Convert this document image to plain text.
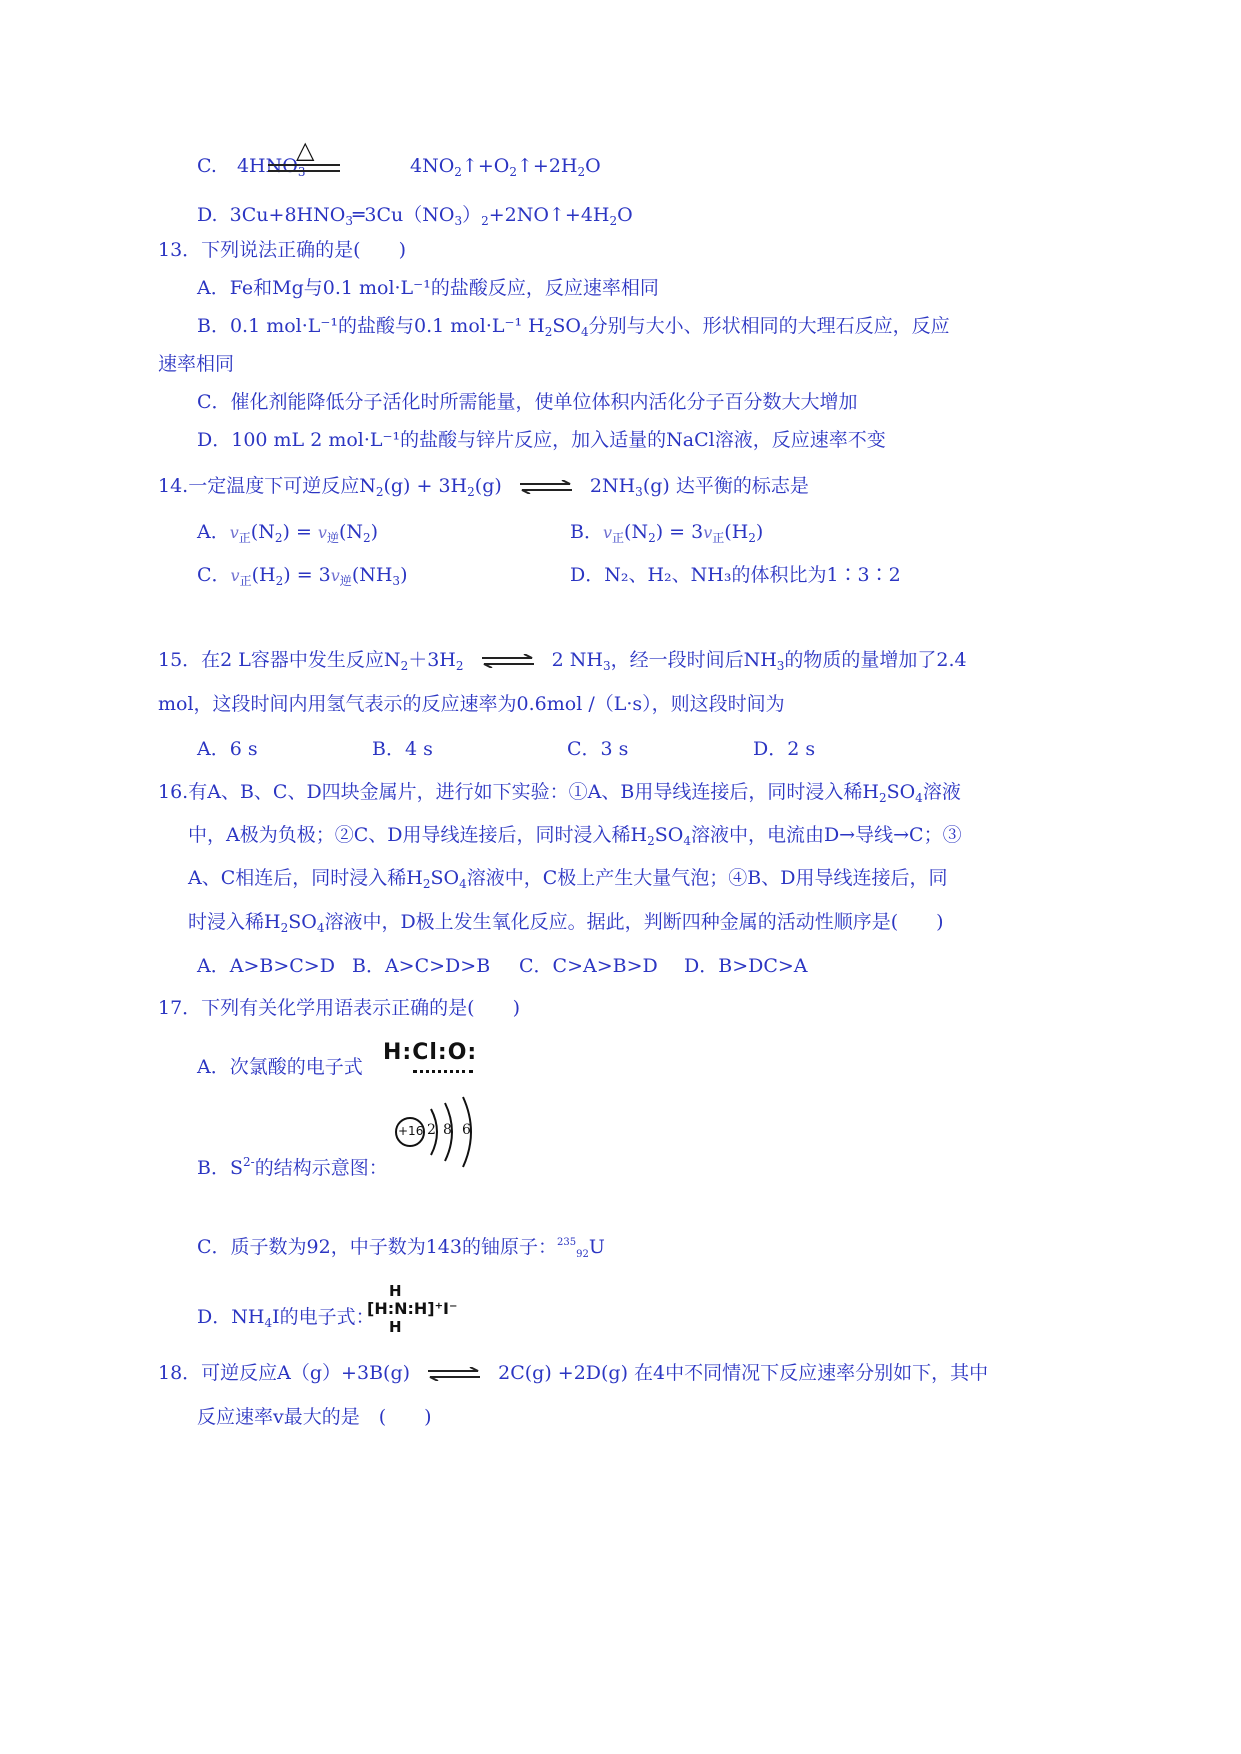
C. $4HNO_3$
△
$4NO_2↑+O_2↑+2H_2O$
D. $3Cu+8HNO_3═3Cu(NO_3)_2+2NO↑+4H_2O$
13．下列说法正确的是(　　)
A．Fe和Mg与0.1 mol·L⁻¹的盐酸反应，反应速率相同
B．0.1 mol·L⁻¹的盐酸与0.1 mol·L⁻¹ $H_2SO_4$分别与大小、形状相同的大理石反应，反应
速率相同
C．催化剂能降低分子活化时所需能量，使单位体积内活化分子百分数大大增加
D．100 mL 2 mol·L⁻¹的盐酸与锌片反应，加入适量的NaCl溶液，反应速率不变
14.一定温度下可逆反应$N_2(g) + 3H_2(g)$ ⇌ $2NH_3(g)$ 达平衡的标志是
A．$v_正(N_2) = v_逆(N_2)$	B．$v_正(N_2) = 3v_正(H_2)$
C．$v_正(H_2) = 3v_逆(NH_3)$	D．N₂、H₂、NH₃的体积比为1∶3∶2
15．在2 L容器中发生反应$N_2+3H_2$ ⇌ 2 $NH_3$，经一段时间后$NH_3$的物质的量增加了2.4
mol，这段时间内用氢气表示的反应速率为0.6mol /（L·s），则这段时间为
A．6 s	B．4 s	C．3 s	D．2 s
16.有A、B、C、D四块金属片，进行如下实验：①A、B用导线连接后，同时浸入稀$H_2SO_4$溶液
中，A极为负极；②C、D用导线连接后，同时浸入稀$H_2SO_4$溶液中，电流由D→导线→C；③
A、C相连后，同时浸入稀$H_2SO_4$溶液中，C极上产生大量气泡；④B、D用导线连接后，同
时浸入稀$H_2SO_4$溶液中，D极上发生氧化反应。据此，判断四种金属的活动性顺序是(　　)
A．A>B>C>D B．A>C>D>B C．C>A>B>D D．B>DC>A
17．下列有关化学用语表示正确的是(　　)
A．次氯酸的电子式
H:Cl:O:
+16 2 8 6
B．$S^{2-}$的结构示意图：
C．质子数为92，中子数为143的铀原子：$^{235}_{92}$U
D．$NH_4I$的电子式：
H
[H:N:H]⁺I⁻
H
18．可逆反应A（g）+3B(g) ⇌ 2C(g) +2D(g) 在4中不同情况下反应速率分别如下，其中
反应速率v最大的是　(　　)
